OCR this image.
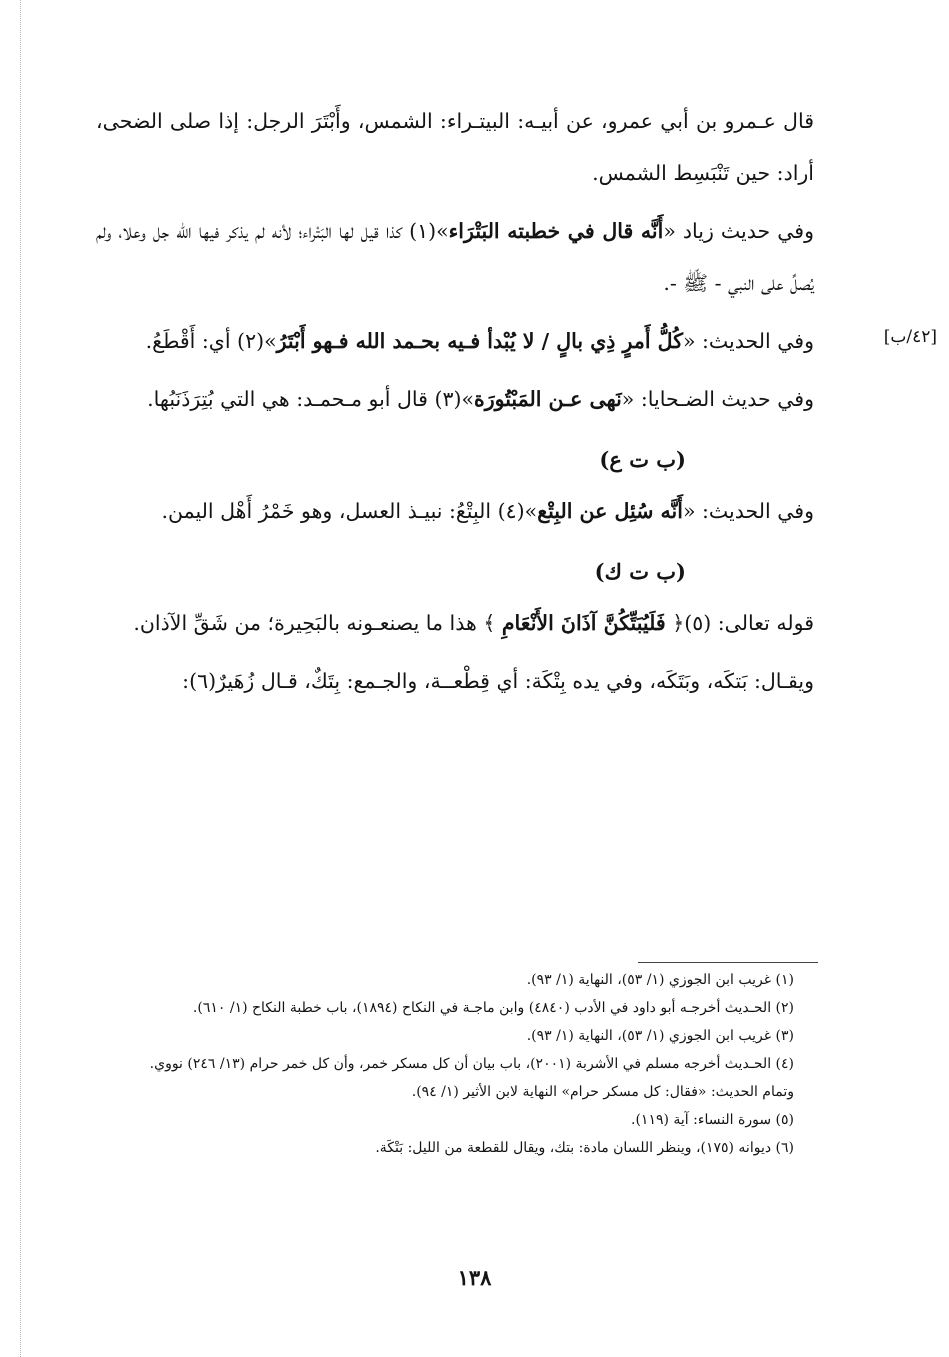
[٤٢/ب]

قال عـمرو بن أبي عمرو، عن أبيـه: البيتـراء: الشمس، وأَبْتَرَ الرجل: إذا صلى الضحى، أراد: حين تَنْبَسِط الشمس.

وفي حديث زياد «أَنَّه قال في خطبته البَتْرَاء»(١) كذا قيل لها البَتْراء؛ لأنه لم يذكر فيها الله جل وعلا، ولم يُصلِّ على النبي - ﷺ -.

وفي الحديث: «كُلُّ أَمرٍ ذِي بالٍ / لا يُبْدأ فـيه بحـمد الله فـهو أَبْتَرُ»(٢) أي: أَقْطَعُ.

وفي حديث الضـحايا: «نَهى عـن المَبْتُورَة»(٣) قال أبو مـحمـد: هي التي بُتِرَذَنَبُها.

(ب ت ع)

وفي الحديث: «أَنَّه سُئِل عن البِتْع»(٤) البِتْعُ: نبيـذ العسل، وهو خَمْرُ أَهْل اليمن.

(ب ت ك)

قوله تعالى: (٥)﴿ فَلَيُبَتِّكُنَّ آذَانَ الأَنْعَامِ ﴾ هذا ما يصنعـونه بالبَحِيرة؛ من شَقِّ الآذان.

ويقـال: بَتكَه، وبَتَكَه، وفي يده بِتْكَة: أي قِطْعــة، والجـمع: بِتَكٌ، قـال زُهَيرٌ(٦):

(١) غريب ابن الجوزي (١/ ٥٣)، النهاية (١/ ٩٣).

(٢) الحـديث أخرجـه أبو داود في الأدب (٤٨٤٠) وابن ماجـة في النكاح (١٨٩٤)، باب خطبة النكاح (١/ ٦١٠).

(٣) غريب ابن الجوزي (١/ ٥٣)، النهاية (١/ ٩٣).

(٤) الحـديث أخرجه مسلم في الأشربة (٢٠٠١)، باب بيان أن كل مسكر خمر، وأن كل خمر حرام (١٣/ ٢٤٦) نووي.

وتمام الحديث: «فقال: كل مسكر حرام» النهاية لابن الأثير (١/ ٩٤).

(٥) سورة النساء: آية (١١٩).

(٦) ديوانه (١٧٥)، وينظر اللسان مادة: بتك، ويقال للقطعة من الليل: بَتْكَة.

١٣٨
